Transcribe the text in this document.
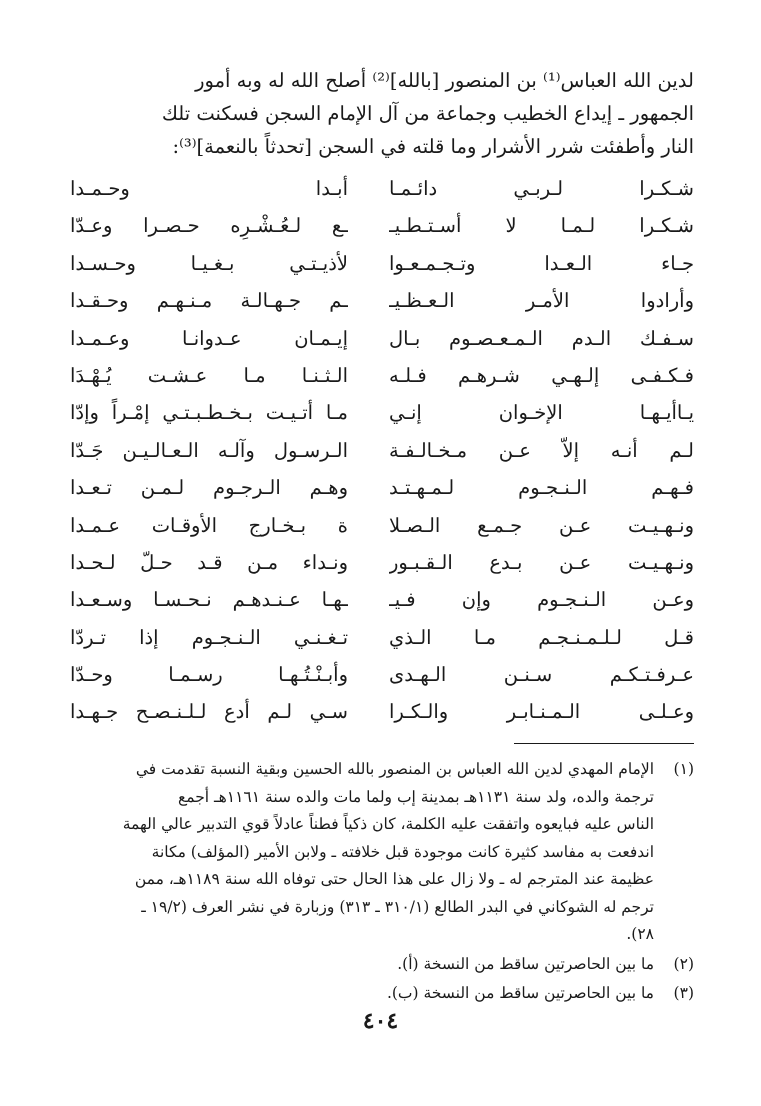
لدين الله العباس⁽¹⁾ بن المنصور [بالله]⁽²⁾ أصلح الله له وبه أمور
الجمهور ـ إيداع الخطيب وجماعة من آل الإمام السجن فسكنت تلك
النار وأطفئت شرر الأشرار وما قلته في السجن [تحدثاً بالنعمة]⁽³⁾:
شـكـرا لـربـي دائـمـا
أبـدا وحـمـدا
شـكـرا لـمـا لا أسـتـطـيـ
ـع لـعُـشْـرِه حـصـرا وعـدّا
جـاء الـعـدا وتـجـمـعـوا
لأذيـتـي بـغـيـا وحـسـدا
وأرادوا الأمـر الـعـظـيـ
ـم جـهـالـة مـنـهـم وحـقـدا
سـفـك الـدم الـمـعـصـوم بـال
إيـمـان عـدوانـا وعـمـدا
فـكـفـى إلـهـي شـرهـم فـلـه
الـثـنـا مـا عـشـت يُـهْـدَا
يـاأيـهـا الإخـوان إنـي
مـا أتـيـت بـخـطـبـتـي إمْـراً وإدّا
لـم أنـه إلاّ عـن مـخـالـفـة
الـرسـول وآلـه الـعـالـيـن جَـدّا
فـهـم الـنـجـوم لـمـهـتـد
وهـم الـرجـوم لـمـن تـعـدا
ونـهـيـت عـن جـمـع الـصـلا
ة بـخـارج الأوقـات عـمـدا
ونـهـيـت عـن بـدع الـقـبـور
ونـداء مـن قـد حـلّ لـحـدا
وعـن الـنـجـوم وإن فـيـ
ـهـا عـنـدهـم نـحـسـا وسـعـدا
قـل لـلـمـنـجـم مـا الـذي
تـغـنـي الـنـجـوم إذا تـردّا
عـرفـتـكـم سـنـن الـهـدى
وأبـنْـتُـهـا رسـمـا وحـدّا
وعـلـى الـمـنـابـر والـكـرا
سـي لـم أدع لـلـنـصـح جـهـدا
(١)
الإمام المهدي لدين الله العباس بن المنصور بالله الحسين وبقية النسبة تقدمت في
ترجمة والده، ولد سنة ١١٣١هـ بمدينة إب ولما مات والده سنة ١١٦١هـ أجمع
الناس عليه فبايعوه واتفقت عليه الكلمة، كان ذكياً فطناً عادلاً قوي التدبير عالي الهمة
اندفعت به مفاسد كثيرة كانت موجودة قبل خلافته ـ ولابن الأمير (المؤلف) مكانة
عظيمة عند المترجم له ـ ولا زال على هذا الحال حتى توفاه الله سنة ١١٨٩هـ، ممن
ترجم له الشوكاني في البدر الطالع (٣١٠/١ ـ ٣١٣) وزبارة في نشر العرف (١٩/٢ ـ
٢٨).
(٢)
ما بين الحاصرتين ساقط من النسخة (أ).
(٣)
ما بين الحاصرتين ساقط من النسخة (ب).
٤٠٤
